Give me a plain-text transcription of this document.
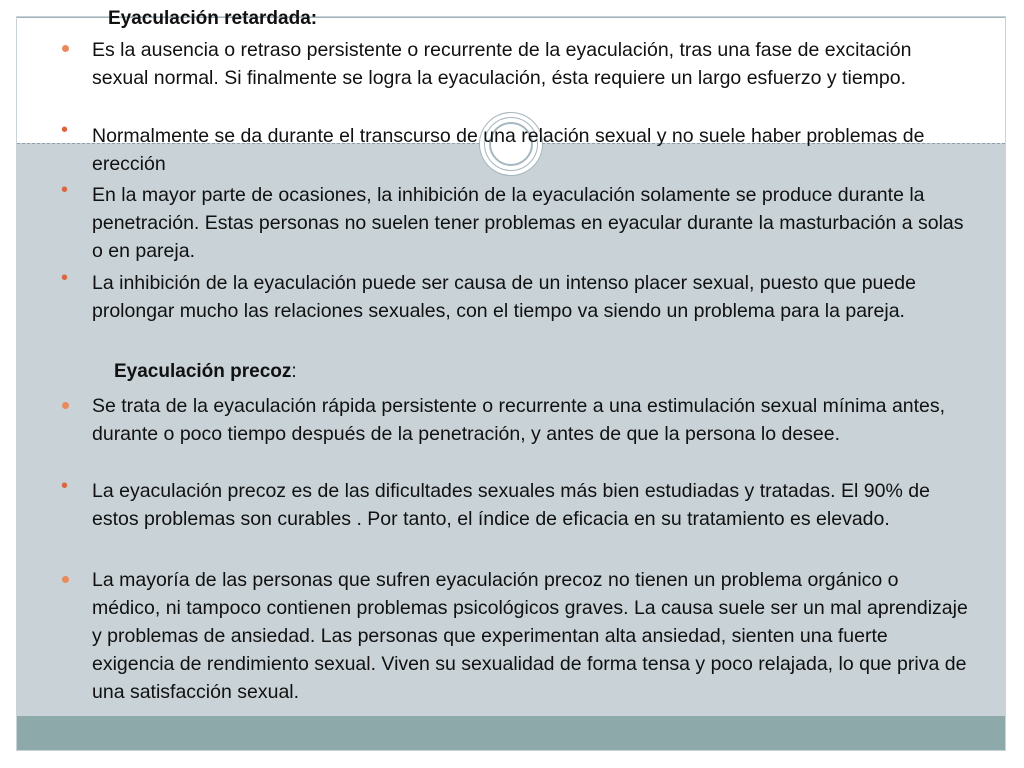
Eyaculación retardada:

Es la ausencia o retraso persistente o recurrente de la eyaculación, tras una fase de excitación sexual normal. Si finalmente se logra la eyaculación, ésta requiere un largo esfuerzo y tiempo.

•

Normalmente se da durante el transcurso de una relación sexual y no suele haber problemas de erección

•

En la mayor parte de ocasiones, la inhibición de la eyaculación solamente se produce durante la penetración. Estas personas no suelen tener problemas en eyacular durante la masturbación a solas o en pareja.

•

La inhibición de la eyaculación puede ser causa de un intenso placer sexual, puesto que puede prolongar mucho las relaciones sexuales, con el tiempo va siendo un problema para la pareja.

Eyaculación precoz:

Se trata de la eyaculación rápida persistente o recurrente a una estimulación sexual mínima antes, durante o poco tiempo después de la penetración, y antes de que la persona lo desee.

•

La eyaculación precoz es de las dificultades sexuales más bien estudiadas y tratadas. El 90% de estos problemas son curables . Por tanto, el índice de eficacia en su tratamiento es elevado.

La mayoría de las personas que sufren eyaculación precoz no tienen un problema orgánico o médico, ni tampoco contienen problemas psicológicos graves. La causa suele ser un mal aprendizaje y problemas de ansiedad. Las personas que experimentan alta ansiedad, sienten una fuerte exigencia de rendimiento sexual. Viven su sexualidad de forma tensa y poco relajada, lo que priva de una satisfacción sexual.
